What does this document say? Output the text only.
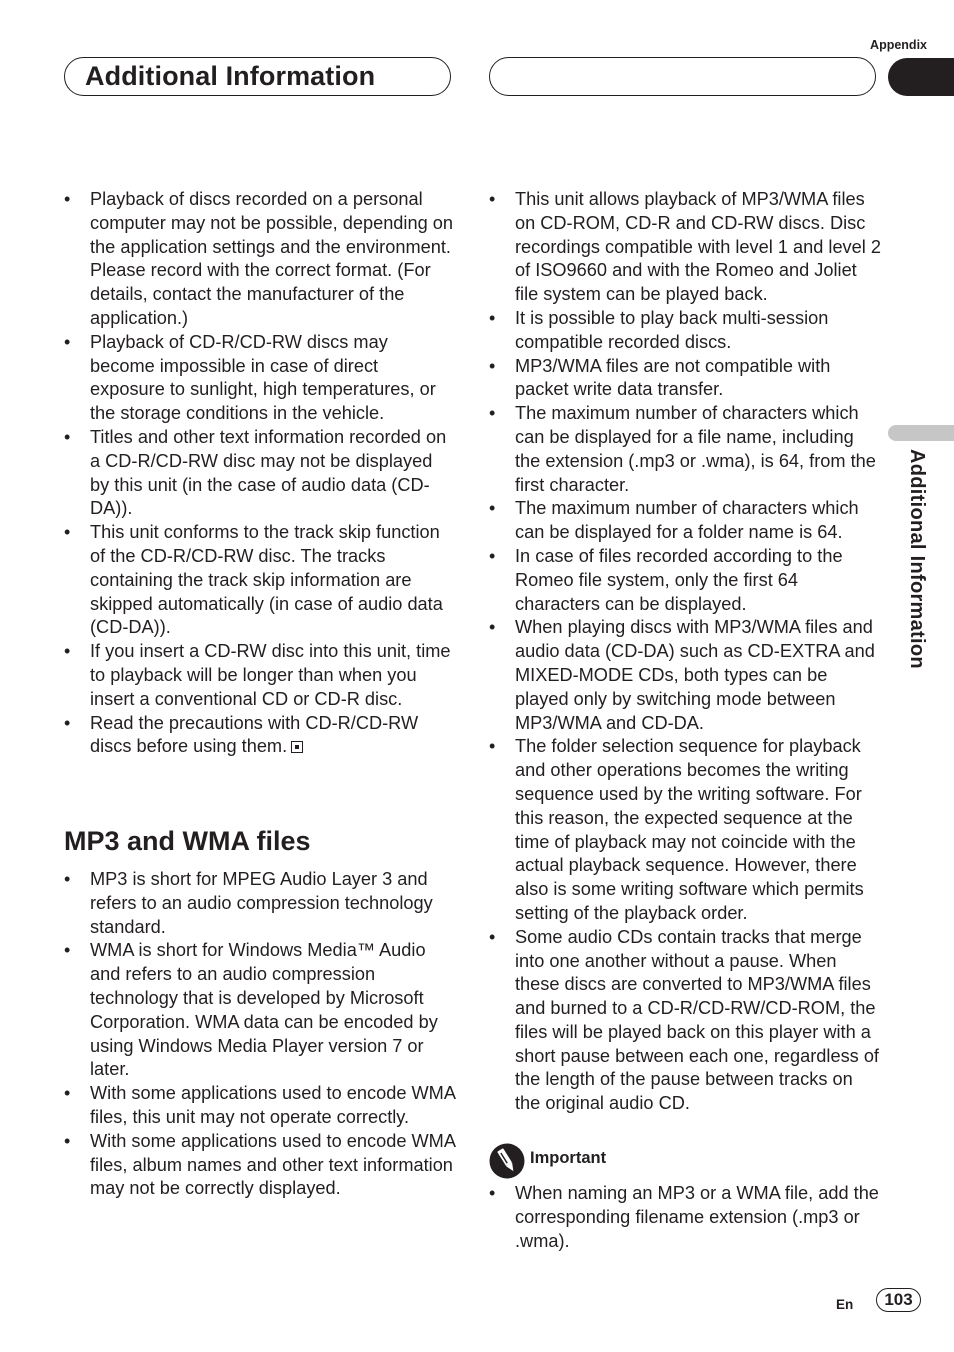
Appendix
Additional Information
Additional Information
• Playback of discs recorded on a personal computer may not be possible, depending on the application settings and the environment. Please record with the correct format. (For details, contact the manufacturer of the application.)
• Playback of CD-R/CD-RW discs may become impossible in case of direct exposure to sunlight, high temperatures, or the storage conditions in the vehicle.
• Titles and other text information recorded on a CD-R/CD-RW disc may not be displayed by this unit (in the case of audio data (CD-DA)).
• This unit conforms to the track skip function of the CD-R/CD-RW disc. The tracks containing the track skip information are skipped automatically (in case of audio data (CD-DA)).
• If you insert a CD-RW disc into this unit, time to playback will be longer than when you insert a conventional CD or CD-R disc.
• Read the precautions with CD-R/CD-RW discs before using them.
MP3 and WMA files
• MP3 is short for MPEG Audio Layer 3 and refers to an audio compression technology standard.
• WMA is short for Windows Media™ Audio and refers to an audio compression technology that is developed by Microsoft Corporation. WMA data can be encoded by using Windows Media Player version 7 or later.
• With some applications used to encode WMA files, this unit may not operate correctly.
• With some applications used to encode WMA files, album names and other text information may not be correctly displayed.
• This unit allows playback of MP3/WMA files on CD-ROM, CD-R and CD-RW discs. Disc recordings compatible with level 1 and level 2 of ISO9660 and with the Romeo and Joliet file system can be played back.
• It is possible to play back multi-session compatible recorded discs.
• MP3/WMA files are not compatible with packet write data transfer.
• The maximum number of characters which can be displayed for a file name, including the extension (.mp3 or .wma), is 64, from the first character.
• The maximum number of characters which can be displayed for a folder name is 64.
• In case of files recorded according to the Romeo file system, only the first 64 characters can be displayed.
• When playing discs with MP3/WMA files and audio data (CD-DA) such as CD-EXTRA and MIXED-MODE CDs, both types can be played only by switching mode between MP3/WMA and CD-DA.
• The folder selection sequence for playback and other operations becomes the writing sequence used by the writing software. For this reason, the expected sequence at the time of playback may not coincide with the actual playback sequence. However, there also is some writing software which permits setting of the playback order.
• Some audio CDs contain tracks that merge into one another without a pause. When these discs are converted to MP3/WMA files and burned to a CD-R/CD-RW/CD-ROM, the files will be played back on this player with a short pause between each one, regardless of the length of the pause between tracks on the original audio CD.
Important
• When naming an MP3 or a WMA file, add the corresponding filename extension (.mp3 or .wma).
En	103
